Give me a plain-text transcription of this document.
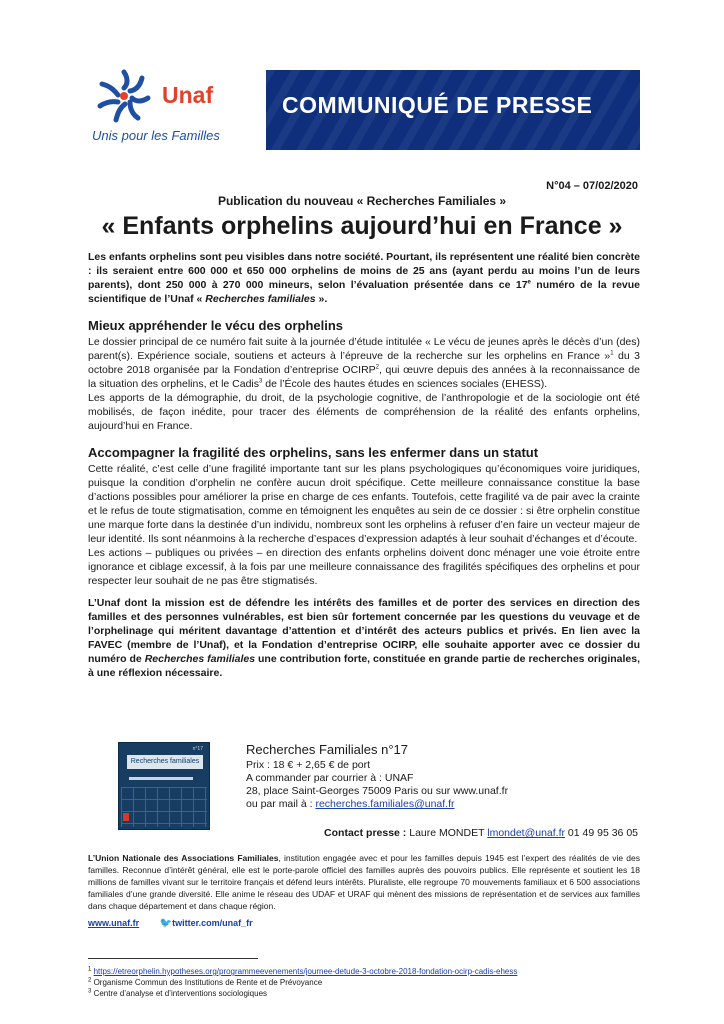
Unaf
Unis pour les Familles
COMMUNIQUÉ DE PRESSE
N°04 – 07/02/2020
Publication du nouveau « Recherches Familiales »
« Enfants orphelins aujourd’hui en France »

Les enfants orphelins sont peu visibles dans notre société. Pourtant, ils représentent une réalité bien concrète : ils seraient entre 600 000 et 650 000 orphelins de moins de 25 ans (ayant perdu au moins l’un de leurs parents), dont 250 000 à 270 000 mineurs, selon l’évaluation présentée dans ce 17e numéro de la revue scientifique de l’Unaf « Recherches familiales ».

Mieux appréhender le vécu des orphelins

Le dossier principal de ce numéro fait suite à la journée d’étude intitulée « Le vécu de jeunes après le décès d’un (des) parent(s). Expérience sociale, soutiens et acteurs à l’épreuve de la recherche sur les orphelins en France »$^1$ du 3 octobre 2018 organisée par la Fondation d’entreprise OCIRP$^2$, qui œuvre depuis des années à la reconnaissance de la situation des orphelins, et le Cadis$^3$ de l’École des hautes études en sciences sociales (EHESS).

Les apports de la démographie, du droit, de la psychologie cognitive, de l’anthropologie et de la sociologie ont été mobilisés, de façon inédite, pour tracer des éléments de compréhension de la réalité des enfants orphelins, aujourd’hui en France.

Accompagner la fragilité des orphelins, sans les enfermer dans un statut

Cette réalité, c’est celle d’une fragilité importante tant sur les plans psychologiques qu’économiques voire juridiques, puisque la condition d’orphelin ne confère aucun droit spécifique. Cette meilleure connaissance constitue la base d’actions possibles pour améliorer la prise en charge de ces enfants. Toutefois, cette fragilité va de pair avec la crainte et le refus de toute stigmatisation, comme en témoignent les enquêtes au sein de ce dossier : si être orphelin constitue une marque forte dans la destinée d’un individu, nombreux sont les orphelins à refuser d’en faire un vecteur majeur de leur identité. Ils sont néanmoins à la recherche d’espaces d’expression adaptés à leur souhait d’échanges et d’écoute.

Les actions – publiques ou privées – en direction des enfants orphelins doivent donc ménager une voie étroite entre ignorance et ciblage excessif, à la fois par une meilleure connaissance des fragilités spécifiques des orphelins et pour respecter leur souhait de ne pas être stigmatisés.

L’Unaf dont la mission est de défendre les intérêts des familles et de porter des services en direction des familles et des personnes vulnérables, est bien sûr fortement concernée par les questions du veuvage et de l’orphelinage qui méritent davantage d’attention et d’intérêt des acteurs publics et privés. En lien avec la FAVEC (membre de l’Unaf), et la Fondation d’entreprise OCIRP, elle souhaite apporter avec ce dossier du numéro de Recherches familiales une contribution forte, constituée en grande partie de recherches originales, à une réflexion nécessaire.

n°17
Recherches familiales
Recherches Familiales n°17
Prix : 18 € + 2,65 € de port
A commander par courrier à : UNAF
28, place Saint-Georges 75009 Paris ou sur www.unaf.fr
ou par mail à : recherches.familiales@unaf.fr
Contact presse : Laure MONDET lmondet@unaf.fr 01 49 95 36 05

L’Union Nationale des Associations Familiales, institution engagée avec et pour les familles depuis 1945 est l’expert des réalités de vie des familles. Reconnue d’intérêt général, elle est le porte-parole officiel des familles auprès des pouvoirs publics. Elle représente et soutient les 18 millions de familles vivant sur le territoire français et défend leurs intérêts. Pluraliste, elle regroupe 70 mouvements familiaux et 6 500 associations familiales d’une grande diversité. Elle anime le réseau des UDAF et URAF qui mènent des missions de représentation et de services aux familles dans chaque département et dans chaque région.

www.unaf.fr 🐦twitter.com/unaf_fr
$^1$ https://etreorphelin.hypotheses.org/programmeevenements/journee-detude-3-octobre-2018-fondation-ocirp-cadis-ehess
$^2$ Organisme Commun des Institutions de Rente et de Prévoyance
$^3$ Centre d’analyse et d’interventions sociologiques
